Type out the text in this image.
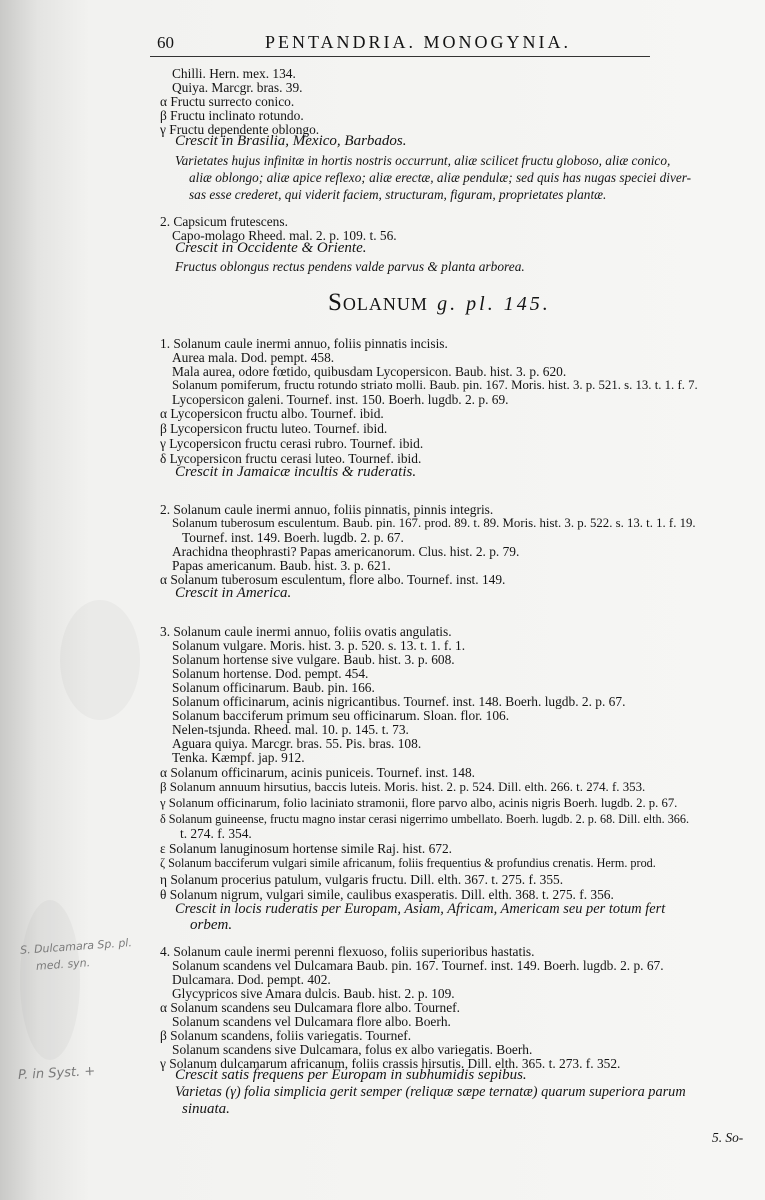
60	PENTANDRIA. MONOGYNIA.
Chilli. Hern. mex. 134.
Quiya. Marcgr. bras. 39.
α Fructu surrecto conico.
β Fructu inclinato rotundo.
γ Fructu dependente oblongo.
Crescit in Brasilia, Mexico, Barbados.
Varietates hujus infinitæ in hortis nostris occurrunt, aliæ scilicet fructu globoso, aliæ conico,
aliæ oblongo; aliæ apice reflexo; aliæ erectæ, aliæ pendulæ; sed quis has nugas speciei diver-
sas esse crederet, qui viderit faciem, structuram, figuram, proprietates plantæ.
2. Capsicum frutescens.
Capo-molago Rheed. mal. 2. p. 109. t. 56.
Crescit in Occidente & Oriente.
Fructus oblongus rectus pendens valde parvus & planta arborea.
Solanum g. pl. 145.
1. Solanum caule inermi annuo, foliis pinnatis incisis.
Aurea mala. Dod. pempt. 458.
Mala aurea, odore fœtido, quibusdam Lycopersicon. Baub. hist. 3. p. 620.
Solanum pomiferum, fructu rotundo striato molli. Baub. pin. 167. Moris. hist. 3. p. 521. s. 13. t. 1. f. 7.
Lycopersicon galeni. Tournef. inst. 150. Boerh. lugdb. 2. p. 69.
α Lycopersicon fructu albo. Tournef. ibid.
β Lycopersicon fructu luteo. Tournef. ibid.
γ Lycopersicon fructu cerasi rubro. Tournef. ibid.
δ Lycopersicon fructu cerasi luteo. Tournef. ibid.
Crescit in Jamaicæ incultis & ruderatis.
2. Solanum caule inermi annuo, foliis pinnatis, pinnis integris.
Solanum tuberosum esculentum. Baub. pin. 167. prod. 89. t. 89. Moris. hist. 3. p. 522. s. 13. t. 1. f. 19.
Tournef. inst. 149. Boerh. lugdb. 2. p. 67.
Arachidna theophrasti? Papas americanorum. Clus. hist. 2. p. 79.
Papas americanum. Baub. hist. 3. p. 621.
α Solanum tuberosum esculentum, flore albo. Tournef. inst. 149.
Crescit in America.
3. Solanum caule inermi annuo, foliis ovatis angulatis.
Solanum vulgare. Moris. hist. 3. p. 520. s. 13. t. 1. f. 1.
Solanum hortense sive vulgare. Baub. hist. 3. p. 608.
Solanum hortense. Dod. pempt. 454.
Solanum officinarum. Baub. pin. 166.
Solanum officinarum, acinis nigricantibus. Tournef. inst. 148. Boerh. lugdb. 2. p. 67.
Solanum bacciferum primum seu officinarum. Sloan. flor. 106.
Nelen-tsjunda. Rheed. mal. 10. p. 145. t. 73.
Aguara quiya. Marcgr. bras. 55. Pis. bras. 108.
Tenka. Kæmpf. jap. 912.
α Solanum officinarum, acinis puniceis. Tournef. inst. 148.
β Solanum annuum hirsutius, baccis luteis. Moris. hist. 2. p. 524. Dill. elth. 266. t. 274. f. 353.
γ Solanum officinarum, folio laciniato stramonii, flore parvo albo, acinis nigris Boerh. lugdb. 2. p. 67.
δ Solanum guineense, fructu magno instar cerasi nigerrimo umbellato. Boerh. lugdb. 2. p. 68. Dill. elth. 366.
t. 274. f. 354.
ε Solanum lanuginosum hortense simile Raj. hist. 672.
ζ Solanum bacciferum vulgari simile africanum, foliis frequentius & profundius crenatis. Herm. prod.
η Solanum procerius patulum, vulgaris fructu. Dill. elth. 367. t. 275. f. 355.
θ Solanum nigrum, vulgari simile, caulibus exasperatis. Dill. elth. 368. t. 275. f. 356.
Crescit in locis ruderatis per Europam, Asiam, Africam, Americam seu per totum fert
orbem.
4. Solanum caule inermi perenni flexuoso, foliis superioribus hastatis.
Solanum scandens vel Dulcamara Baub. pin. 167. Tournef. inst. 149. Boerh. lugdb. 2. p. 67.
Dulcamara. Dod. pempt. 402.
Glycypricos sive Amara dulcis. Baub. hist. 2. p. 109.
α Solanum scandens seu Dulcamara flore albo. Tournef.
Solanum scandens vel Dulcamara flore albo. Boerh.
β Solanum scandens, foliis variegatis. Tournef.
Solanum scandens sive Dulcamara, folus ex albo variegatis. Boerh.
γ Solanum dulcamarum africanum, foliis crassis hirsutis. Dill. elth. 365. t. 273. f. 352.
Crescit satis frequens per Europam in subhumidis sepibus.
Varietas (γ) folia simplicia gerit semper (reliquæ sæpe ternatæ) quarum superiora parum
sinuata.
5. So-
S. Dulcamara Sp. pl.
med. syn.
P. in Syst. +
